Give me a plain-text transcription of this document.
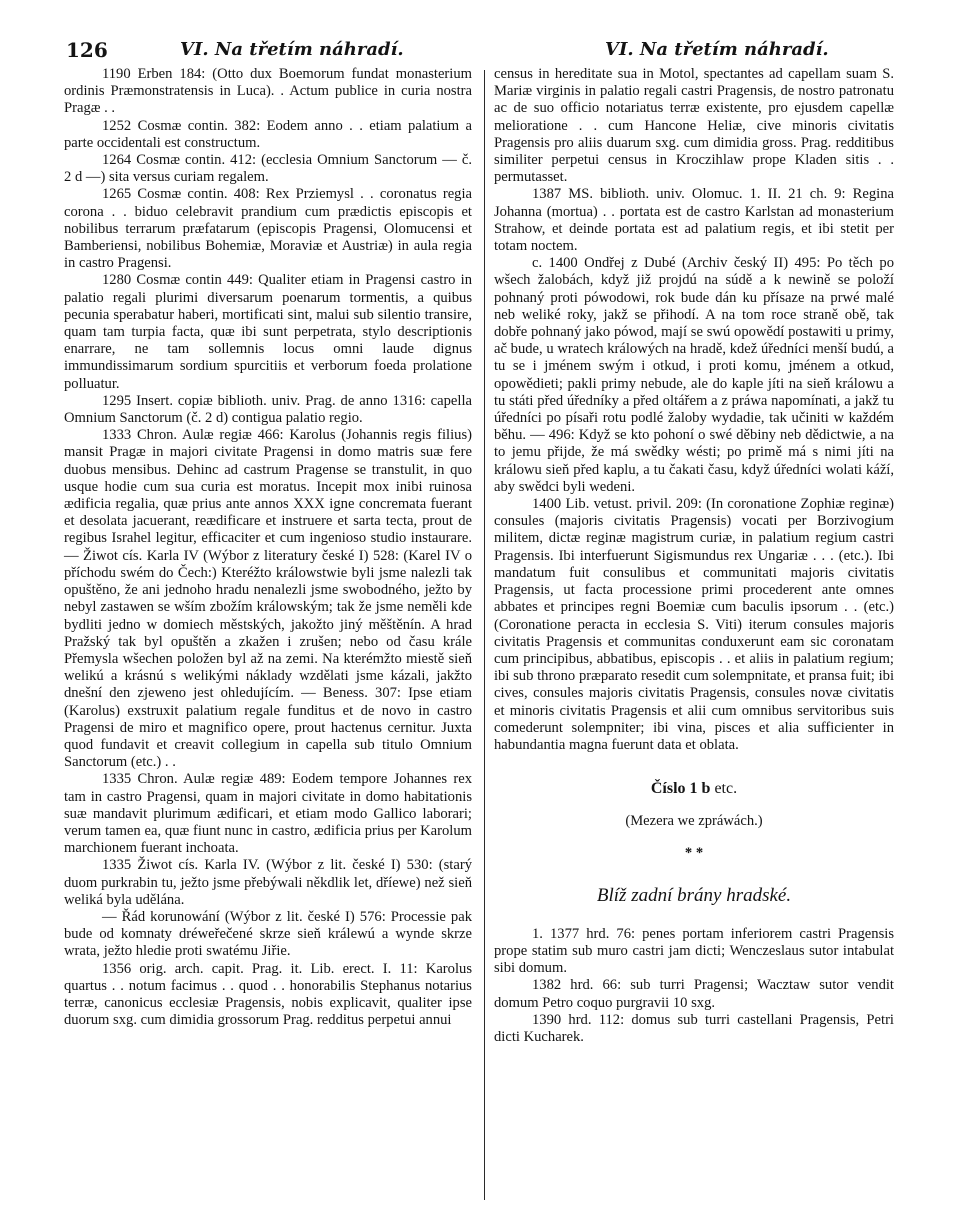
126	VI. Na třetím náhradí.	VI. Na třetím náhradí.

1190 Erben 184: (Otto dux Boemorum fundat monasterium ordinis Præmonstratensis in Luca). . Actum publice in curia nostra Pragæ . .

1252 Cosmæ contin. 382: Eodem anno . . etiam palatium a parte occidentali est constructum.

1264 Cosmæ contin. 412: (ecclesia Omnium Sanctorum — č. 2 d —) sita versus curiam regalem.

1265 Cosmæ contin. 408: Rex Prziemysl . . coronatus regia corona . . biduo celebravit prandium cum prædictis episcopis et nobilibus terrarum præfatarum (episcopis Pragensi, Olomucensi et Bamberiensi, nobilibus Bohemiæ, Moraviæ et Austriæ) in aula regia in castro Pragensi.

1280 Cosmæ contin 449: Qualiter etiam in Pragensi castro in palatio regali plurimi diversarum poenarum tormentis, a quibus pecunia sperabatur haberi, mortificati sint, malui sub silentio transire, quam tam turpia facta, quæ ibi sunt perpetrata, stylo descriptionis enarrare, ne tam sollemnis locus omni laude dignus immundissimarum sordium spurcitiis et verborum foeda prolatione polluatur.

1295 Insert. copiæ biblioth. univ. Prag. de anno 1316: capella Omnium Sanctorum (č. 2 d) contigua palatio regio.

1333 Chron. Aulæ regiæ 466: Karolus (Johannis regis filius) mansit Pragæ in majori civitate Pragensi in domo matris suæ fere duobus mensibus. Dehinc ad castrum Pragense se transtulit, in quo usque hodie cum sua curia est moratus. Incepit mox inibi ruinosa ædificia regalia, quæ prius ante annos XXX igne concremata fuerant et desolata jacuerant, reædificare et instruere et sarta tecta, prout de regibus Israhel legitur, efficaciter et cum ingenioso studio instaurare. — Žiwot cís. Karla IV (Wýbor z literatury české I) 528: (Karel IV o příchodu swém do Čech:) Kteréžto králowstwie byli jsme nalezli tak opuštěno, že ani jednoho hradu nenalezli jsme swobodného, ježto by nebyl zastawen se wším zbožím králowským; tak že jsme neměli kde bydliti jedno w domiech městských, jakožto jiný měštěnín. A hrad Pražský tak byl opuštěn a zkažen i zrušen; nebo od času krále Přemysla wšechen položen byl až na zemi. Na kterémžto miestě sieň welikú a krásnú s welikými náklady wzdělati jsme kázali, jakžto dnešní den zjeweno jest ohledujícím. — Beness. 307: Ipse etiam (Karolus) exstruxit palatium regale funditus et de novo in castro Pragensi de miro et magnifico opere, prout hactenus cernitur. Juxta quod fundavit et creavit collegium in capella sub titulo Omnium Sanctorum (etc.) . .

1335 Chron. Aulæ regiæ 489: Eodem tempore Johannes rex tam in castro Pragensi, quam in majori civitate in domo habitationis suæ mandavit plurimum ædificari, et etiam modo Gallico laborari; verum tamen ea, quæ fiunt nunc in castro, ædificia prius per Karolum marchionem fuerant inchoata.

1335 Žiwot cís. Karla IV. (Wýbor z lit. české I) 530: (starý duom purkrabin tu, ježto jsme přebýwali někdlik let, dříewe) než sieň weliká byla udělána.

— Řád korunowání (Wýbor z lit. české I) 576: Processie pak bude od komnaty dréweřečené skrze sieň králewú a wynde skrze wrata, ježto hledie proti swatému Jiřie.

1356 orig. arch. capit. Prag. it. Lib. erect. I. 11: Karolus quartus . . notum facimus . . quod . . honorabilis Stephanus notarius terræ, canonicus ecclesiæ Pragensis, nobis explicavit, qualiter ipse duorum sxg. cum dimidia grossorum Prag. redditus perpetui annui

census in hereditate sua in Motol, spectantes ad capellam suam S. Mariæ virginis in palatio regali castri Pragensis, de nostro patronatu ac de suo officio notariatus terræ existente, pro ejusdem capellæ melioratione . . cum Hancone Heliæ, cive minoris civitatis Pragensis pro aliis duarum sxg. cum dimidia gross. Prag. redditibus similiter perpetui census in Kroczihlaw prope Kladen sitis . . permutasset.

1387 MS. biblioth. univ. Olomuc. 1. II. 21 ch. 9: Regina Johanna (mortua) . . portata est de castro Karlstan ad monasterium Strahow, et deinde portata est ad palatium regis, et ibi stetit per totam noctem.

c. 1400 Ondřej z Dubé (Archiv český II) 495: Po těch po wšech žalobách, když již projdú na súdě a k newině se položí pohnaný proti pówodowi, rok bude dán ku přísaze na prwé malé neb weliké roky, jakž se přihodí. A na tom roce straně obě, tak dobře pohnaný jako pówod, mají se swú opowědí postawiti u primy, ač bude, u wratech králowých na hradě, kdež úředníci menší budú, a tu se i jménem swým i otkud, i proti komu, jménem a otkud, opowědieti; pakli primy nebude, ale do kaple jíti na sieň králowu a tu státi před úředníky a před oltářem a z práwa napomínati, a jakž tu úředníci po písaři rotu podlé žaloby wydadie, tak učiniti w každém běhu. — 496: Když se kto pohoní o swé děbiny neb dědictwie, a na to jemu přijde, že má swědky wésti; po primě má s nimi jíti na králowu sieň před kaplu, a tu čakati času, když úředníci wolati káží, aby swědci byli wedeni.

1400 Lib. vetust. privil. 209: (In coronatione Zophiæ reginæ) consules (majoris civitatis Pragensis) vocati per Borzivogium militem, dictæ reginæ magistrum curiæ, in palatium regium castri Pragensis. Ibi interfuerunt Sigismundus rex Ungariæ . . . (etc.). Ibi mandatum fuit consulibus et communitati majoris civitatis Pragensis, ut facta processione primi procederent ante omnes abbates et principes regni Boemiæ cum baculis ipsorum . . (etc.) (Coronatione peracta in ecclesia S. Viti) iterum consules majoris civitatis Pragensis et communitas conduxerunt eam sic coronatam cum principibus, abbatibus, episcopis . . et aliis in palatium regium; ibi sub throno præparato resedit cum solempnitate, et pransa fuit; ibi cives, consules majoris civitatis Pragensis, consules novæ civitatis et minoris civitatis Pragensis et alii cum omnibus servitoribus suis comederunt solempniter; ibi vina, pisces et alia sufficienter in habundantia magna fuerunt data et oblata.

Číslo 1 b etc.
(Mezera we zpráwách.)
* *
Blíž zadní brány hradské.

1. 1377 hrd. 76: penes portam inferiorem castri Pragensis prope statim sub muro castri jam dicti; Wenczeslaus sutor intabulat sibi domum.

1382 hrd. 66: sub turri Pragensi; Wacztaw sutor vendit domum Petro coquo purgravii 10 sxg.

1390 hrd. 112: domus sub turri castellani Pragensis, Petri dicti Kucharek.
